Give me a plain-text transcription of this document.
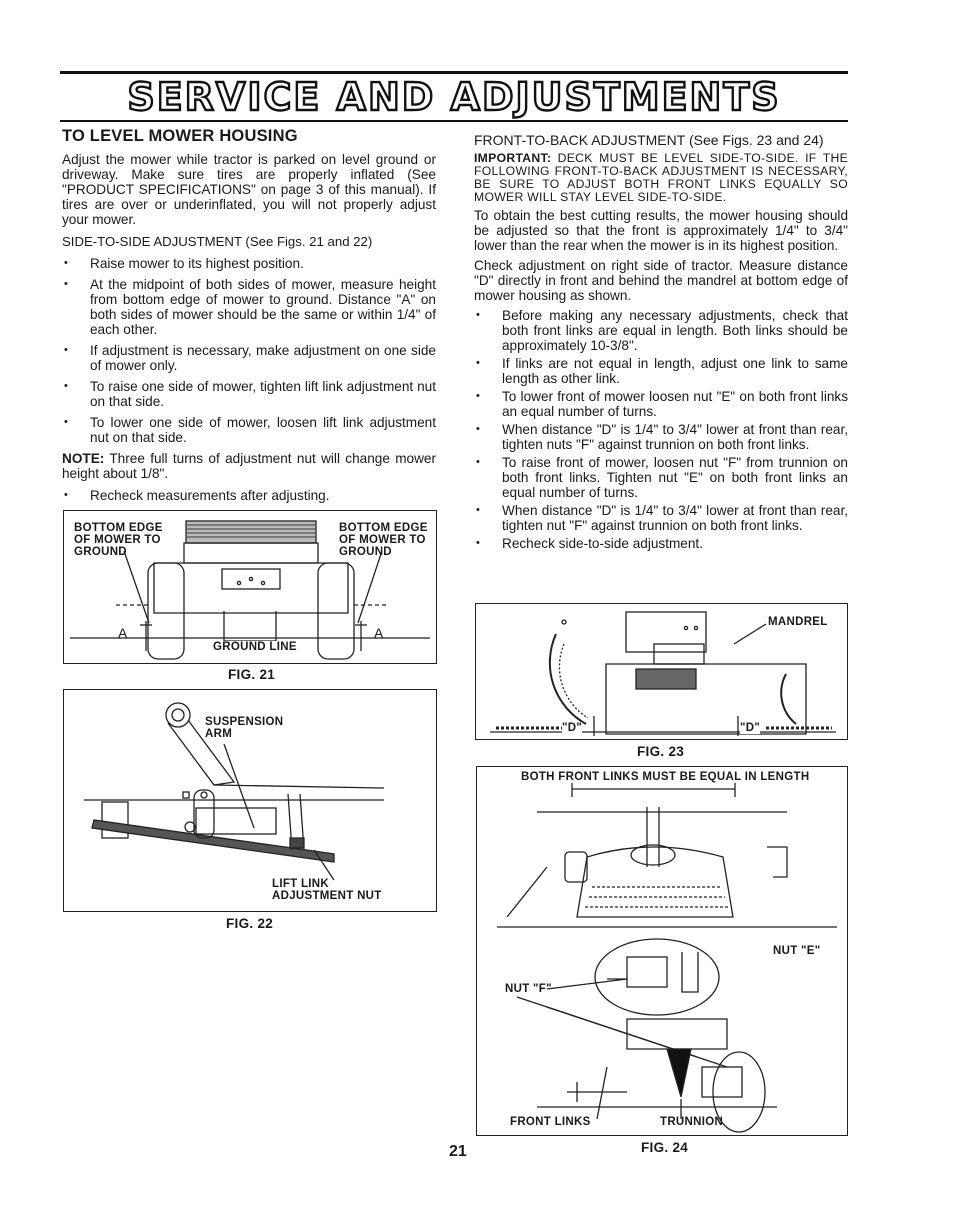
SERVICE AND ADJUSTMENTS
TO LEVEL MOWER HOUSING

Adjust the mower while tractor is parked on level ground or driveway. Make sure tires are properly inflated (See "PRODUCT SPECIFICATIONS" on page 3 of this manual). If tires are over or underinflated, you will not properly adjust your mower.

SIDE-TO-SIDE ADJUSTMENT (See Figs. 21 and 22)

• Raise mower to its highest position.
• At the midpoint of both sides of mower, measure height from bottom edge of mower to ground. Distance "A" on both sides of mower should be the same or within 1/4" of each other.
• If adjustment is necessary, make adjustment on one side of mower only.
• To raise one side of mower, tighten lift link adjustment nut on that side.
• To lower one side of mower, loosen lift link adjustment nut on that side.

NOTE: Three full turns of adjustment nut will change mower height about 1/8".

• Recheck measurements after adjusting.
BOTTOM EDGE
OF MOWER TO
GROUND
BOTTOM EDGE
OF MOWER TO
GROUND
GROUND LINE
A	A
FIG. 21
SUSPENSION
ARM
LIFT LINK
ADJUSTMENT NUT
FIG. 22

FRONT-TO-BACK ADJUSTMENT (See Figs. 23 and 24)

IMPORTANT: DECK MUST BE LEVEL SIDE-TO-SIDE. IF THE FOLLOWING FRONT-TO-BACK ADJUSTMENT IS NECESSARY, BE SURE TO ADJUST BOTH FRONT LINKS EQUALLY SO MOWER WILL STAY LEVEL SIDE-TO-SIDE.

To obtain the best cutting results, the mower housing should be adjusted so that the front is approximately 1/4" to 3/4" lower than the rear when the mower is in its highest position.

Check adjustment on right side of tractor. Measure distance "D" directly in front and behind the mandrel at bottom edge of mower housing as shown.

• Before making any necessary adjustments, check that both front links are equal in length. Both links should be approximately 10-3/8".
• If links are not equal in length, adjust one link to same length as other link.
• To lower front of mower loosen nut "E" on both front links an equal number of turns.
• When distance "D" is 1/4" to 3/4" lower at front than rear, tighten nuts "F" against trunnion on both front links.
• To raise front of mower, loosen nut "F" from trunnion on both front links. Tighten nut "E" on both front links an equal number of turns.
• When distance "D" is 1/4" to 3/4" lower at front than rear, tighten nut "F" against trunnion on both front links.
• Recheck side-to-side adjustment.
MANDREL
"D"	"D"
FIG. 23
BOTH FRONT LINKS MUST BE EQUAL IN LENGTH
NUT "E"
NUT "F"
FRONT LINKS	TRUNNION
FIG. 24
21
